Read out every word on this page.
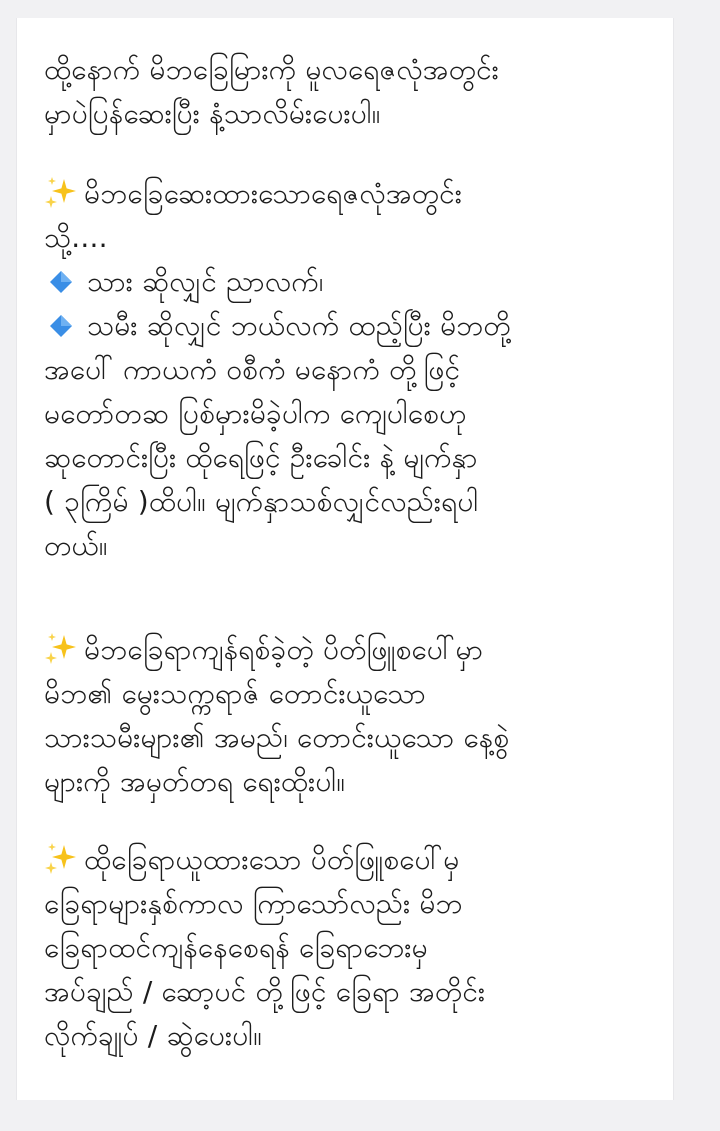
ထို့နောက် မိဘခြေမြားကို မူလရေဇလုံအတွင်း
မှာပဲပြန်ဆေးပြီး နံ့သာလိမ်းပေးပါ။

မိဘခြေဆေးထားသောရေဇလုံအတွင်း
သို့....
သား ဆိုလျှင် ညာလက်၊
သမီး ဆိုလျှင် ဘယ်လက် ထည့်ပြီး မိဘတို့
အပေါ် ကာယကံ ဝစီကံ မနောကံ တို့ဖြင့်
မတော်တဆ ပြစ်မှားမိခဲ့ပါက ကျေပါစေဟု
ဆုတောင်းပြီး ထိုရေဖြင့် ဦးခေါင်း နဲ့ မျက်နှာ
( ၃ကြိမ် )ထိပါ။ မျက်နှာသစ်လျှင်လည်းရပါ
တယ်။

မိဘခြေရာကျန်ရစ်ခဲ့တဲ့ ပိတ်ဖြူစပေါ်မှာ
မိဘ၏ မွေးသက္ကရာဇ် တောင်းယူသော
သားသမီးများ၏ အမည်၊ တောင်းယူသော နေ့စွဲ
များကို အမှတ်တရ ရေးထိုးပါ။

ထိုခြေရာယူထားသော ပိတ်ဖြူစပေါ်မှ
ခြေရာများနှစ်ကာလ ကြာသော်လည်း မိဘ
ခြေရာထင်ကျန်နေစေရန် ခြေရာဘေးမှ
အပ်ချည် / ဆော့ပင် တို့ဖြင့် ခြေရာ အတိုင်း
လိုက်ချုပ် / ဆွဲပေးပါ။
